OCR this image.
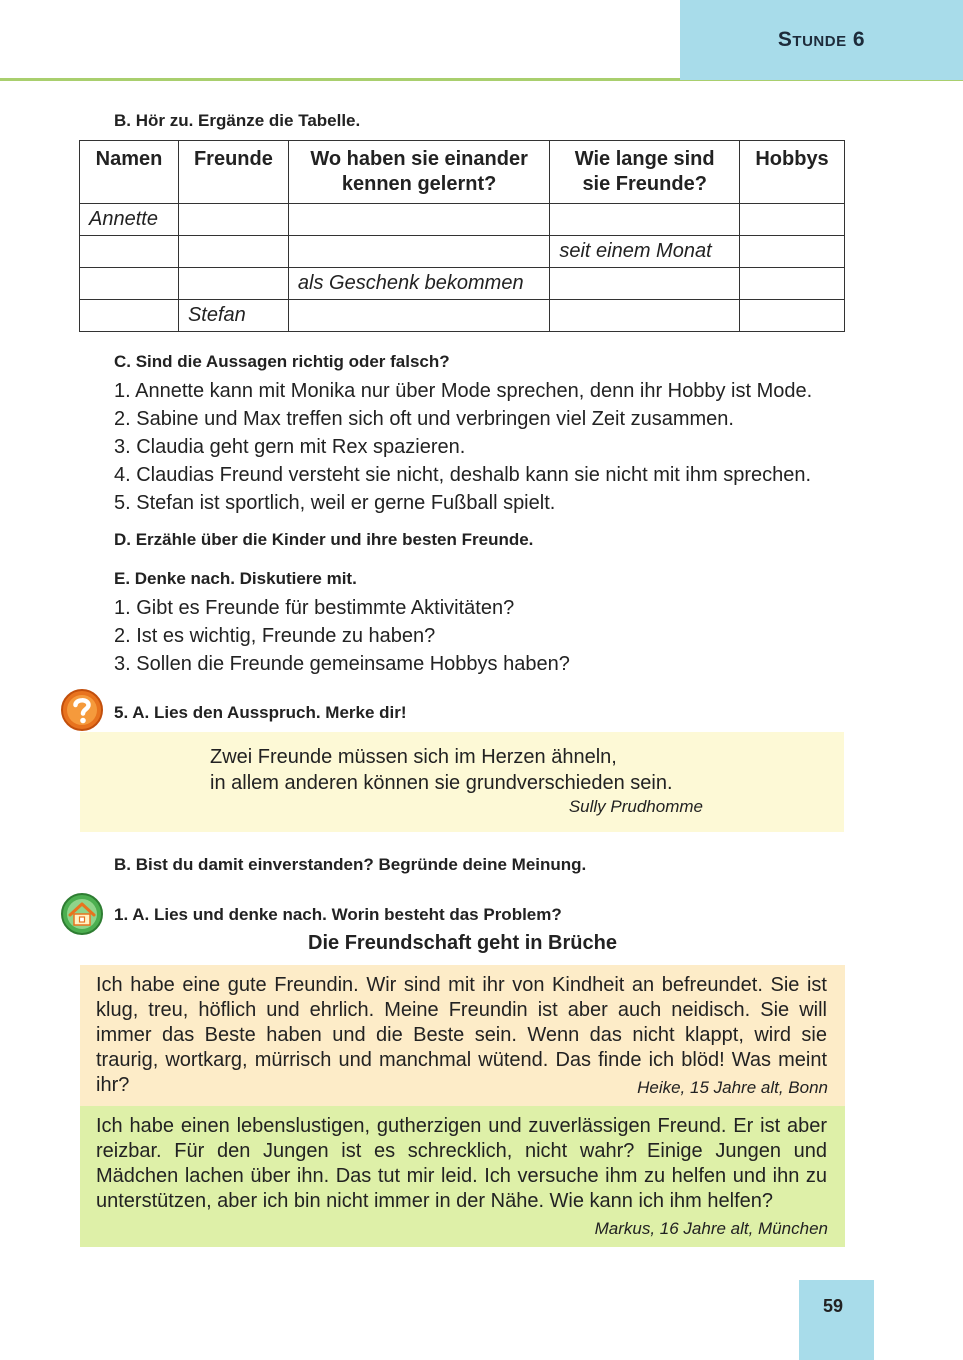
Stunde 6
B. Hör zu. Ergänze die Tabelle.
Namen	Freunde	Wo haben sie einander kennen gelernt?	Wie lange sind sie Freunde?	Hobbys
Annette				
			seit einem Monat	
		als Geschenk bekommen		
	Stefan			
C. Sind die Aussagen richtig oder falsch?
1. Annette kann mit Monika nur über Mode sprechen, denn ihr Hobby ist Mode.
2. Sabine und Max treffen sich oft und verbringen viel Zeit zusammen.
3. Claudia geht gern mit Rex spazieren.
4. Claudias Freund versteht sie nicht, deshalb kann sie nicht mit ihm sprechen.
5. Stefan ist sportlich, weil er gerne Fußball spielt.
D. Erzähle über die Kinder und ihre besten Freunde.
E. Denke nach. Diskutiere mit.
1. Gibt es Freunde für bestimmte Aktivitäten?
2. Ist es wichtig, Freunde zu haben?
3. Sollen die Freunde gemeinsame Hobbys haben?
5. A. Lies den Ausspruch. Merke dir!
Zwei Freunde müssen sich im Herzen ähneln,
in allem anderen können sie grundverschieden sein.
Sully Prudhomme
B. Bist du damit einverstanden? Begründe deine Meinung.
1. A. Lies und denke nach. Worin besteht das Problem?
Die Freundschaft geht in Brüche
Ich habe eine gute Freundin. Wir sind mit ihr von Kindheit an befreundet. Sie ist klug, treu, höflich und ehrlich. Meine Freundin ist aber auch neidisch. Sie will immer das Beste haben und die Beste sein. Wenn das nicht klappt, wird sie traurig, wortkarg, mürrisch und manchmal wütend. Das finde ich blöd! Was meint ihr?	Heike, 15 Jahre alt, Bonn
Ich habe einen lebenslustigen, gutherzigen und zuverlässigen Freund. Er ist aber reizbar. Für den Jungen ist es schrecklich, nicht wahr? Einige Jungen und Mädchen lachen über ihn. Das tut mir leid. Ich versuche ihm zu helfen und ihn zu unterstützen, aber ich bin nicht immer in der Nähe. Wie kann ich ihm helfen?
Markus, 16 Jahre alt, München
59
